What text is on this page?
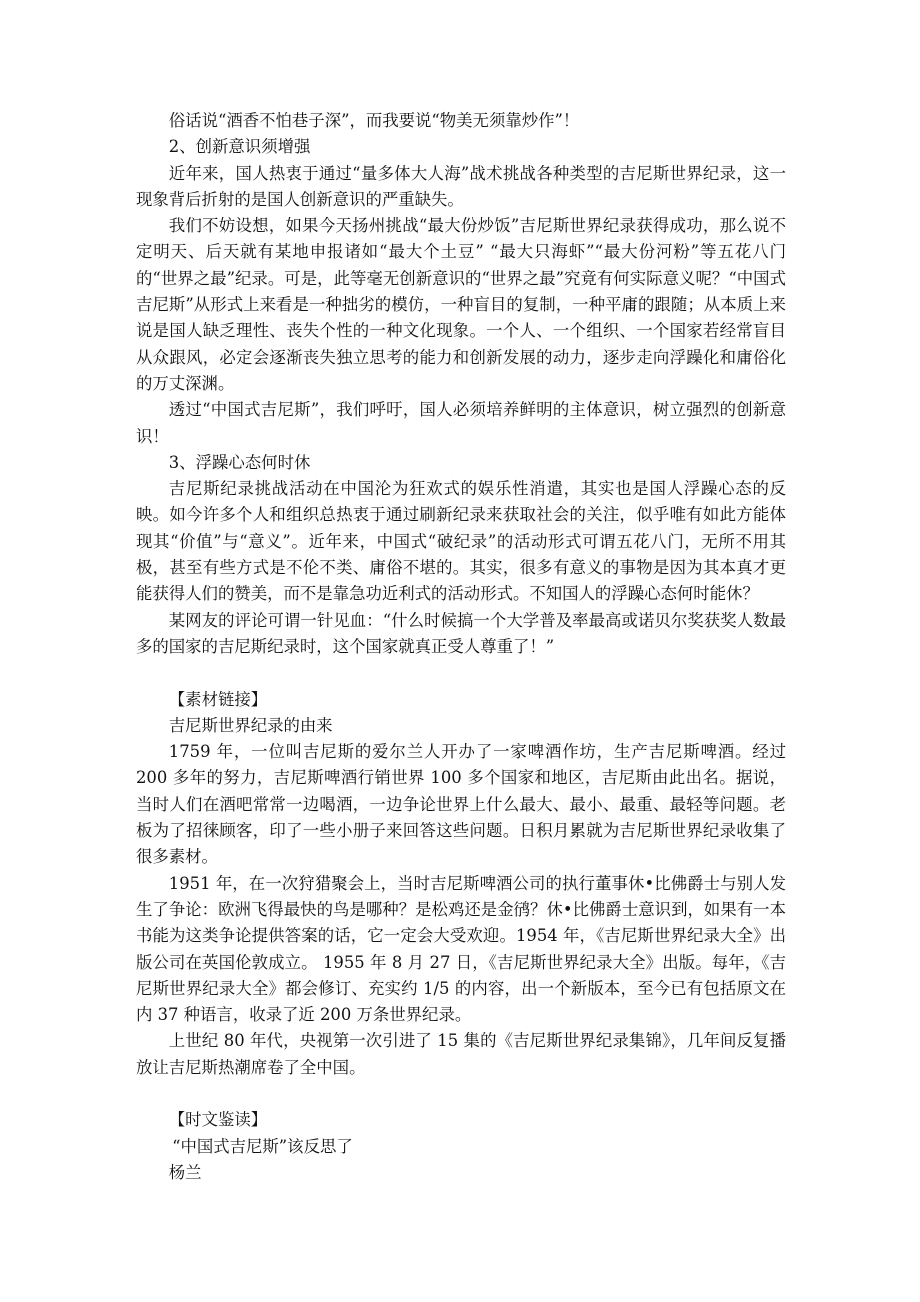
俗话说“酒香不怕巷子深”，而我要说“物美无须靠炒作”！

2、创新意识须增强

近年来，国人热衷于通过“量多体大人海”战术挑战各种类型的吉尼斯世界纪录，这一现象背后折射的是国人创新意识的严重缺失。

我们不妨设想，如果今天扬州挑战“最大份炒饭”吉尼斯世界纪录获得成功，那么说不定明天、后天就有某地申报诸如“最大个土豆” “最大只海虾”“最大份河粉”等五花八门的“世界之最”纪录。可是，此等毫无创新意识的“世界之最”究竟有何实际意义呢？“中国式吉尼斯”从形式上来看是一种拙劣的模仿，一种盲目的复制，一种平庸的跟随；从本质上来说是国人缺乏理性、丧失个性的一种文化现象。一个人、一个组织、一个国家若经常盲目从众跟风，必定会逐渐丧失独立思考的能力和创新发展的动力，逐步走向浮躁化和庸俗化的万丈深渊。

透过“中国式吉尼斯”，我们呼吁，国人必须培养鲜明的主体意识，树立强烈的创新意识！

3、浮躁心态何时休

吉尼斯纪录挑战活动在中国沦为狂欢式的娱乐性消遣，其实也是国人浮躁心态的反映。如今许多个人和组织总热衷于通过刷新纪录来获取社会的关注，似乎唯有如此方能体现其“价值”与“意义”。近年来，中国式“破纪录”的活动形式可谓五花八门，无所不用其极，甚至有些方式是不伦不类、庸俗不堪的。其实，很多有意义的事物是因为其本真才更能获得人们的赞美，而不是靠急功近利式的活动形式。不知国人的浮躁心态何时能休？

某网友的评论可谓一针见血：“什么时候搞一个大学普及率最高或诺贝尔奖获奖人数最多的国家的吉尼斯纪录时，这个国家就真正受人尊重了！”

【素材链接】

吉尼斯世界纪录的由来

1759 年，一位叫吉尼斯的爱尔兰人开办了一家啤酒作坊，生产吉尼斯啤酒。经过 200 多年的努力，吉尼斯啤酒行销世界 100 多个国家和地区，吉尼斯由此出名。据说，当时人们在酒吧常常一边喝酒，一边争论世界上什么最大、最小、最重、最轻等问题。老板为了招徕顾客，印了一些小册子来回答这些问题。日积月累就为吉尼斯世界纪录收集了很多素材。

1951 年，在一次狩猎聚会上，当时吉尼斯啤酒公司的执行董事休•比佛爵士与别人发生了争论：欧洲飞得最快的鸟是哪种？是松鸡还是金鸻？休•比佛爵士意识到，如果有一本书能为这类争论提供答案的话，它一定会大受欢迎。1954 年，《吉尼斯世界纪录大全》出版公司在英国伦敦成立。 1955 年 8 月 27 日，《吉尼斯世界纪录大全》出版。每年，《吉尼斯世界纪录大全》都会修订、充实约 1/5 的内容，出一个新版本，至今已有包括原文在内 37 种语言，收录了近 200 万条世界纪录。

上世纪 80 年代，央视第一次引进了 15 集的《吉尼斯世界纪录集锦》，几年间反复播放让吉尼斯热潮席卷了全中国。

【时文鉴读】

“中国式吉尼斯”该反思了

杨兰
